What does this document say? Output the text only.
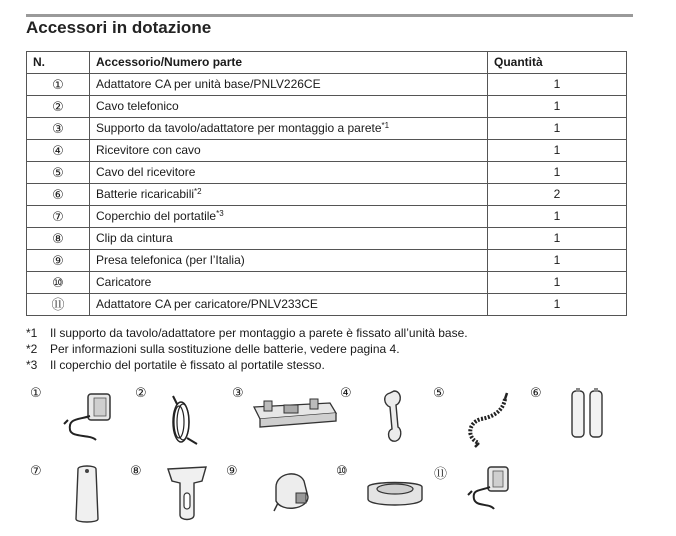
Accessori in dotazione
N.	Accessorio/Numero parte	Quantità
①	Adattatore CA per unità base/PNLV226CE	1
②	Cavo telefonico	1
③	Supporto da tavolo/adattatore per montaggio a parete$^{*1}$	1
④	Ricevitore con cavo	1
⑤	Cavo del ricevitore	1
⑥	Batterie ricaricabili$^{*2}$	2
⑦	Coperchio del portatile$^{*3}$	1
⑧	Clip da cintura	1
⑨	Presa telefonica (per l’Italia)	1
⑩	Caricatore	1
⑪	Adattatore CA per caricatore/PNLV233CE	1
*1	Il supporto da tavolo/adattatore per montaggio a parete è fissato all’unità base.
*2	Per informazioni sulla sostituzione delle batterie, vedere pagina 4.
*3	Il coperchio del portatile è fissato al portatile stesso.
①	②	③	④	⑤	⑥
⑦	⑧	⑨	⑩	⑪
